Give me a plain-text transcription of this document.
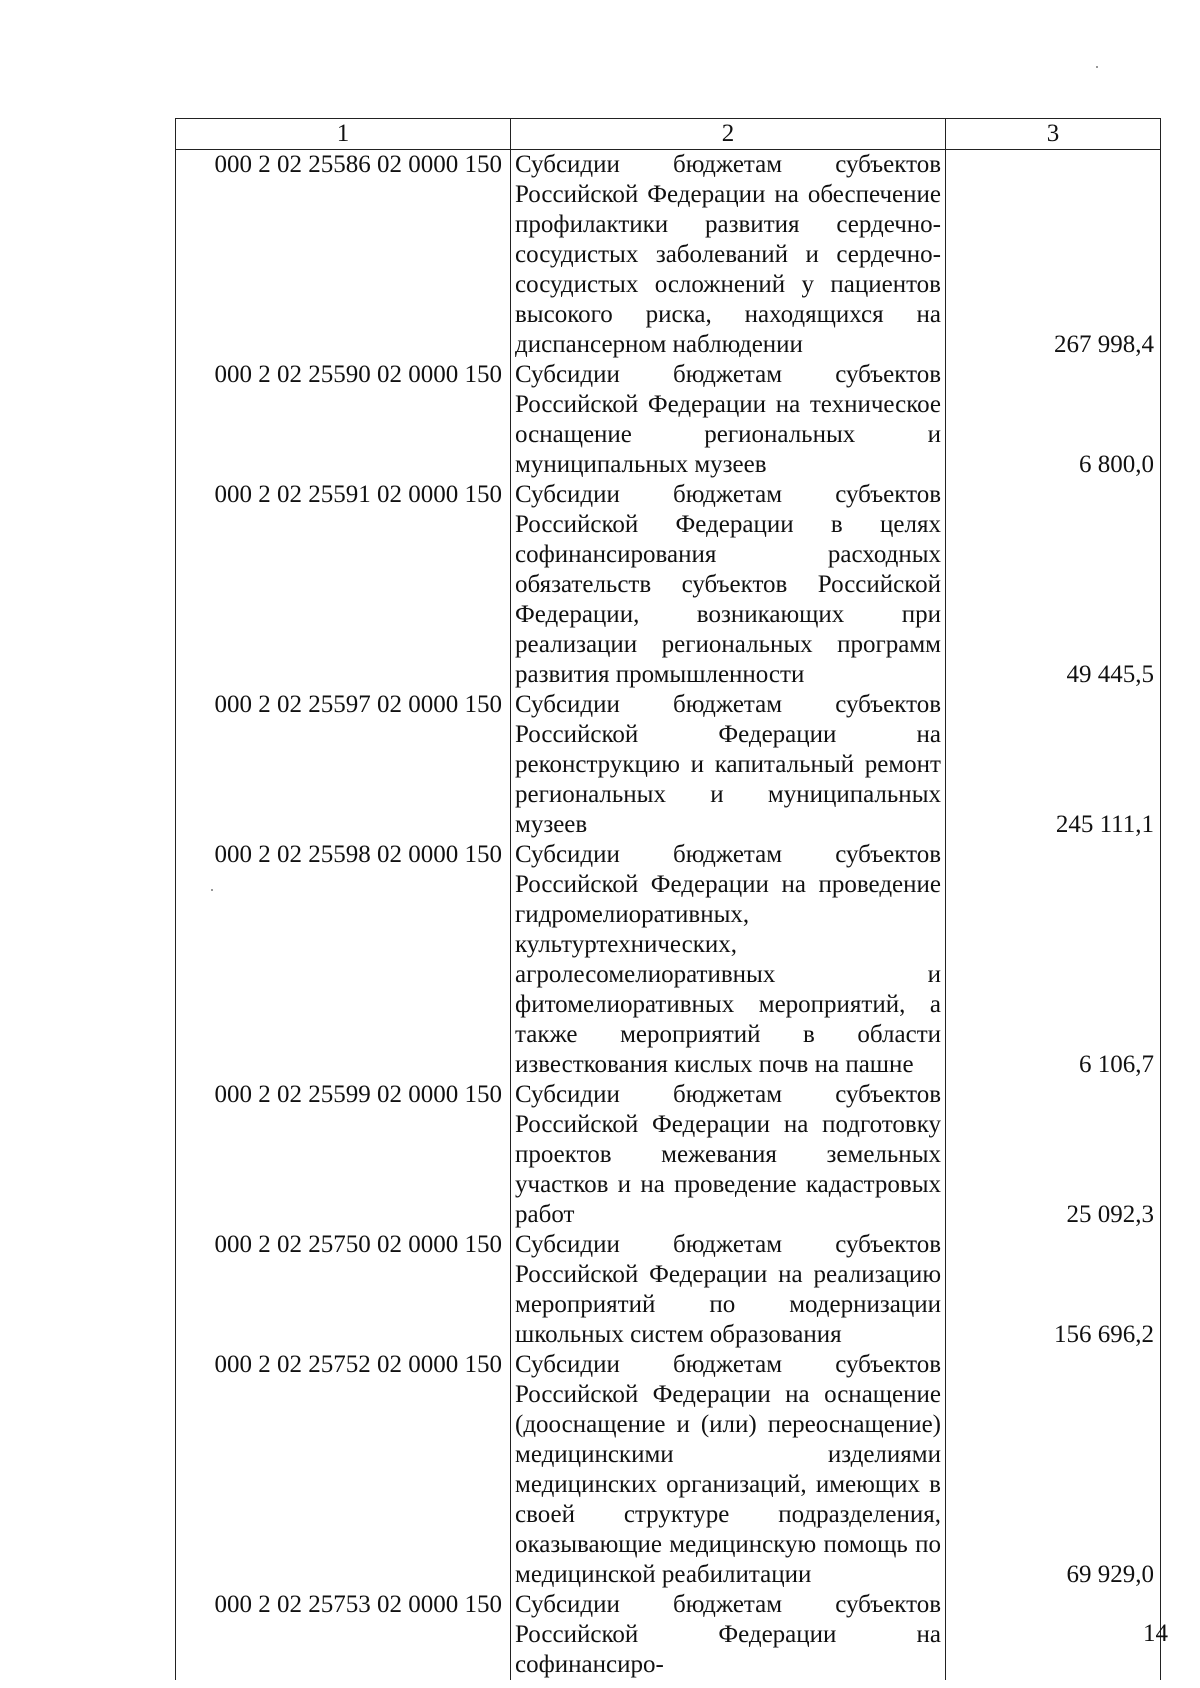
1	2	3
000 2 02 25586 02 0000 150	Субсидии бюджетам субъектов Российской Федерации на обеспечение профилактики развития сердечно-сосудистых заболеваний и сердечно-сосудистых осложнений у пациентов высокого риска, находящихся на диспансерном наблюдении	267 998,4
000 2 02 25590 02 0000 150	Субсидии бюджетам субъектов Российской Федерации на техническое оснащение региональных и муниципальных музеев	6 800,0
000 2 02 25591 02 0000 150	Субсидии бюджетам субъектов Российской Федерации в целях софинансирования расходных обязательств субъектов Российской Федерации, возникающих при реализации региональных программ развития промышленности	49 445,5
000 2 02 25597 02 0000 150	Субсидии бюджетам субъектов Российской Федерации на реконструкцию и капитальный ремонт региональных и муниципальных музеев	245 111,1
000 2 02 25598 02 0000 150	Субсидии бюджетам субъектов Российской Федерации на проведение гидромелиоративных, культуртехнических, агролесомелиоративных и фитомелиоративных мероприятий, а также мероприятий в области известкования кислых почв на пашне	6 106,7
000 2 02 25599 02 0000 150	Субсидии бюджетам субъектов Российской Федерации на подготовку проектов межевания земельных участков и на проведение кадастровых работ	25 092,3
000 2 02 25750 02 0000 150	Субсидии бюджетам субъектов Российской Федерации на реализацию мероприятий по модернизации школьных систем образования	156 696,2
000 2 02 25752 02 0000 150	Субсидии бюджетам субъектов Российской Федерации на оснащение (дооснащение и (или) переоснащение) медицинскими изделиями медицинских организаций, имеющих в своей структуре подразделения, оказывающие медицинскую помощь по медицинской реабилитации	69 929,0
000 2 02 25753 02 0000 150	Субсидии бюджетам субъектов Российской Федерации на софинансиро-	
14
